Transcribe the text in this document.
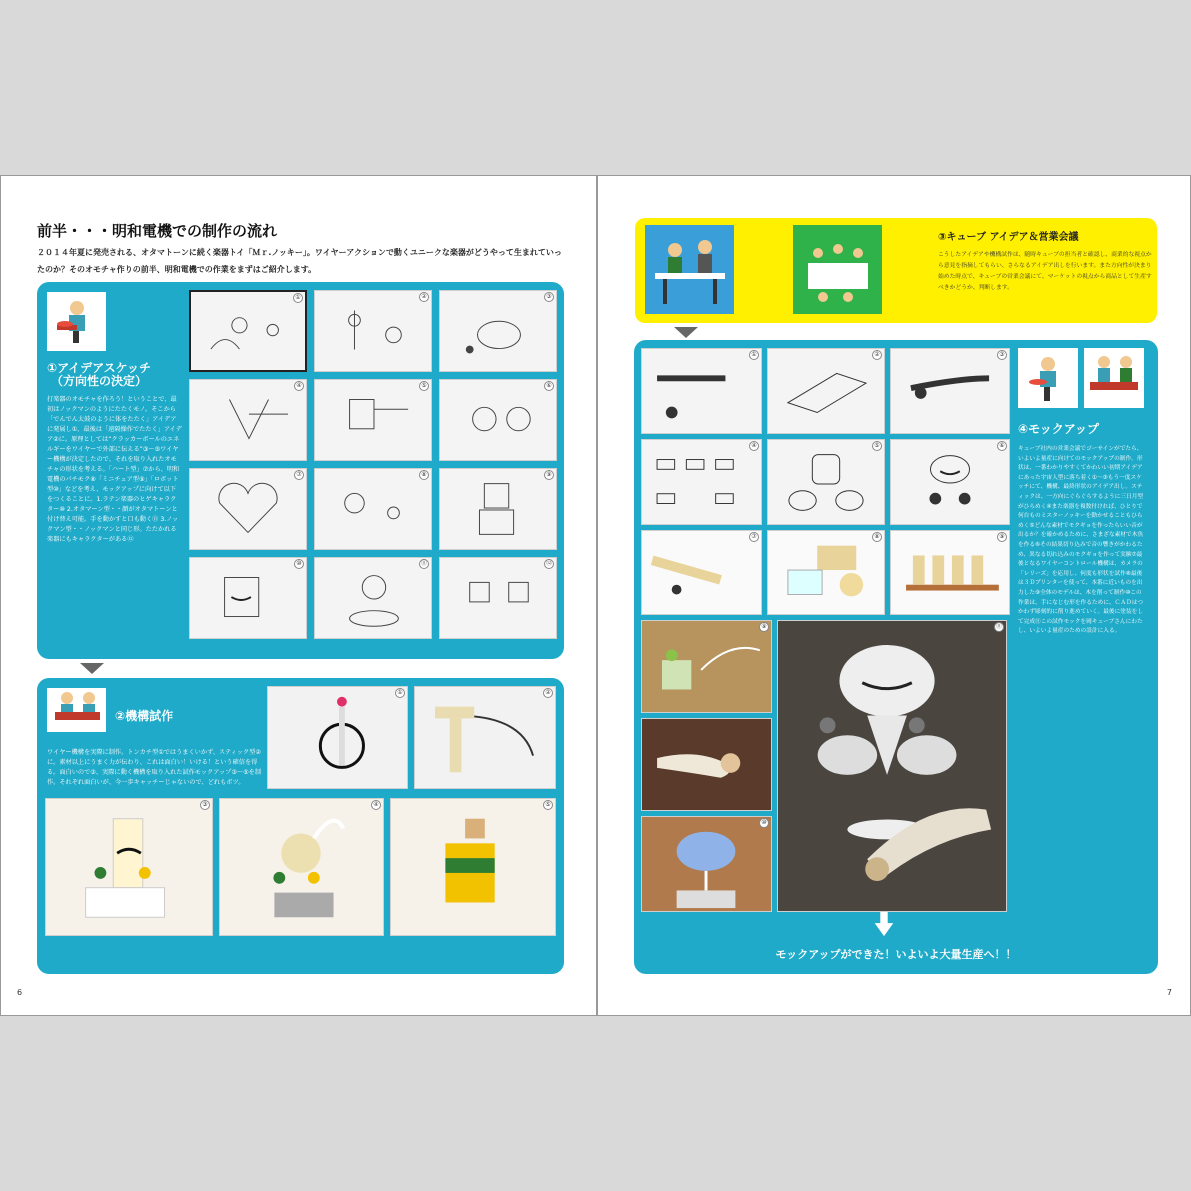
前半・・・明和電機での制作の流れ
２０１４年夏に発売される、オタマトーンに続く楽器トイ「Ｍｒ.ノッキー」。ワイヤーアクションで動くユニークな楽器がどうやって生まれていったのか？そのオモチャ作りの前半、明和電機での作業をまずはご紹介します。
①アイデアスケッチ
（方向性の決定）
打楽器のオモチャを作ろう！ということで、最初はノックマンのようにたたくモノ。そこから「でんでん太鼓のように体をたたく」アイデアに発展し①、最後は「遠隔操作でたたく」アイデア②に。原理としては“クラッカーボールのエネルギーをワイヤーで外部に伝える”③～⑤ワイヤー機構が決定したので、それを取り入れたオモチャの形状を考える。「ハート型」⑦から、明和電機のパチモク⑧「ミニチュア型⑨」「ロボット型⑩」などを考え、モックアップに向けて以下をつくることに。1.ラテン楽器のヒゲキャラクター⑩ 2.オタマーン型・・顔がオタマトーンと付け替え可能。手を動かすと口も動く⑪ 3.ノックマン型・・ノックマンと同じ形。たたかれる楽器にもキャラクターがある⑫
①	②	③
④	⑤	⑥
⑦	⑧	⑨
⑩	⑪	⑫
②機構試作
ワイヤー機構を実際に制作。トンカチ型①ではうまくいかず、スティック型②に。素材以上にうまく力が伝わり、これは面白い！いける！という確信を得る。面白いので③、実際に動く機構を取り入れた試作モックアップ③～⑤を制作。それぞれ面白いが、今一歩キャッチーじゃないので、どれもボツ。
①	②
③	④	⑤
6
③キューブ アイデア＆営業会議
こうしたアイデアや機構試作は、随時キューブの担当者と確認し、商業的な視点から意見を指摘してもらい、さらなるアイデア出しを行います。また方向性が決まり始めた時点で、キューブの営業会議にて、マーケットの視点から商品として生産すべきかどうか、判断します。
①	②	③
④	⑤	⑥
⑦	⑧	⑨
⑨
⑩
⑪
④モックアップ
キューブ社内の営業会議でゴーサインがでたら、いよいよ量産に向けてのモックアップの制作。形状は、一番わかりやすくてかわいい初期アイデアにあった宇宙人型に落ち着く①～③もう一度スケッチにて、機構、最終形状のアイデア出し。スティックは、一方向にぐらぐらするように三日月型がひらめく④また楽器を複数付ければ、ひとりで何台ものミスターノッキーを動かせることもひらめく⑤どんな素材でモクギョを作ったらいい音が出るか？を確かめるために、さまざな素材で木魚を作る⑥その結果切り込みで音の響きがかわるため、異なる切れ込みのモクギョを作って実験⑦最後となるワイヤーコントロール機構は、カメラの「レリーズ」を応用し、何度も形状を試作⑧最後は３Ｄプリンターを使って、本番に近いものを出力した⑨全体のモデルは、木を削って制作⑩この作業は、手になじむ形を作るために、ＣＡＤはつかわず彫刻的に削り進めていく。最後に塗装をして完成⑪この試作モックを岡キューブさんにわたし、いよいよ量産のための設計に入る。
モックアップができた！いよいよ大量生産へ！！
7
